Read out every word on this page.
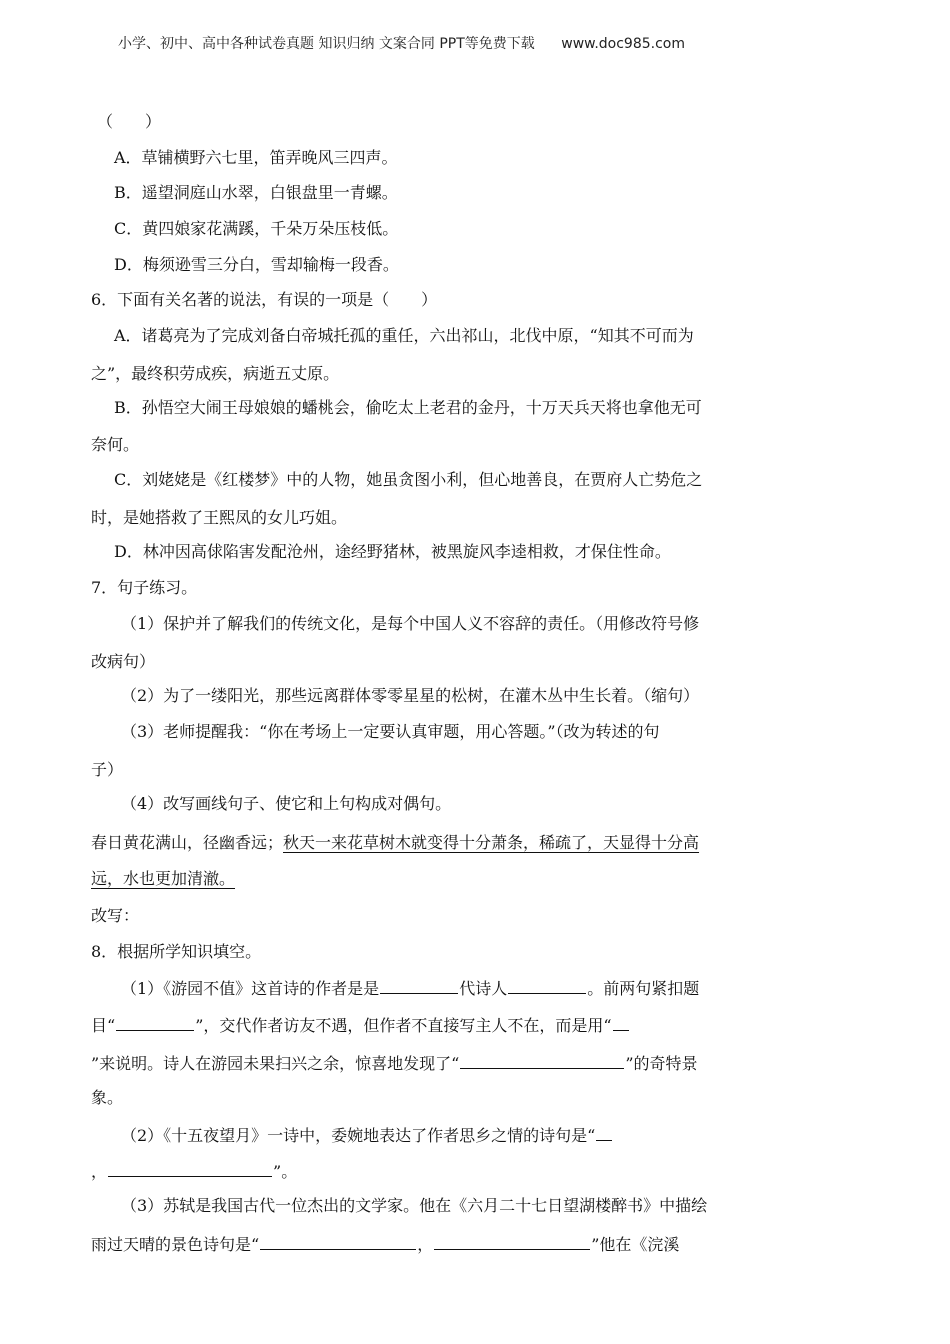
小学、初中、高中各种试卷真题 知识归纳 文案合同 PPT等免费下载 www.doc985.com
（　　）
A．草铺横野六七里，笛弄晚风三四声。
B．遥望洞庭山水翠，白银盘里一青螺。
C．黄四娘家花满蹊，千朵万朵压枝低。
D．梅须逊雪三分白，雪却输梅一段香。
6．下面有关名著的说法，有误的一项是（　　）
A．诸葛亮为了完成刘备白帝城托孤的重任，六出祁山，北伐中原，“知其不可而为
之”，最终积劳成疾，病逝五丈原。
B．孙悟空大闹王母娘娘的蟠桃会，偷吃太上老君的金丹，十万天兵天将也拿他无可
奈何。
C．刘姥姥是《红楼梦》中的人物，她虽贪图小利，但心地善良，在贾府人亡势危之
时，是她搭救了王熙凤的女儿巧姐。
D．林冲因高俅陷害发配沧州，途经野猪林，被黑旋风李逵相救，才保住性命。
7．句子练习。
（1）保护并了解我们的传统文化，是每个中国人义不容辞的责任。（用修改符号修
改病句）
（2）为了一缕阳光，那些远离群体零零星星的松树，在灌木丛中生长着。（缩句）
（3）老师提醒我：“你在考场上一定要认真审题，用心答题。”（改为转述的句
子）
（4）改写画线句子、使它和上句构成对偶句。
春日黄花满山，径幽香远；秋天一来花草树木就变得十分萧条，稀疏了，天显得十分高
远，水也更加清澈。
改写：
8．根据所学知识填空。
（1）《游园不值》这首诗的作者是是	代诗人	。前两句紧扣题
目“	”，交代作者访友不遇，但作者不直接写主人不在，而是用“
”来说明。诗人在游园未果扫兴之余，惊喜地发现了“	”的奇特景
象。
（2）《十五夜望月》一诗中，委婉地表达了作者思乡之情的诗句是“
，	”。
（3）苏轼是我国古代一位杰出的文学家。他在《六月二十七日望湖楼醉书》中描绘
雨过天晴的景色诗句是“	，	”他在《浣溪
